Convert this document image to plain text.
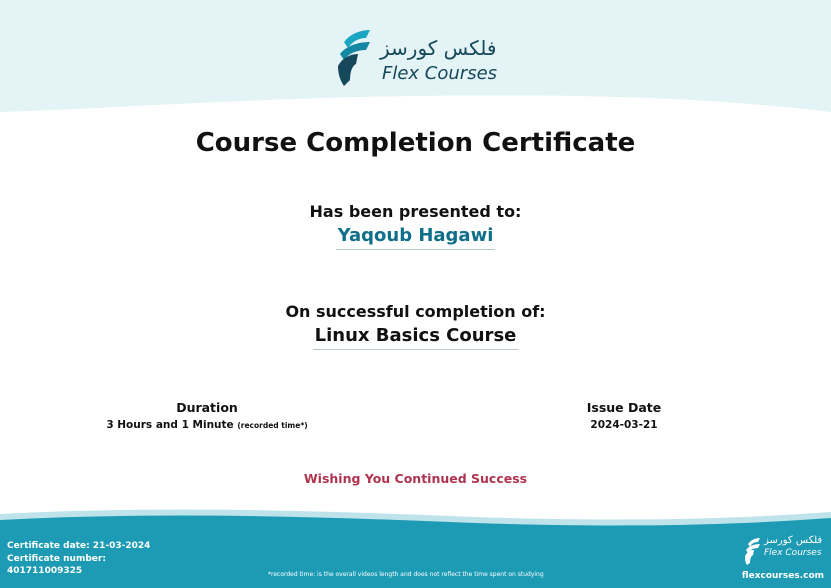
فلكس كورسز
Flex Courses
Course Completion Certificate
Has been presented to:
Yaqoub Hagawi
On successful completion of:
Linux Basics Course
Duration
3 Hours and 1 Minute (recorded time*)
Issue Date
2024-03-21
Wishing You Continued Success
Certificate date: 21-03-2024
Certificate number:
401711009325	*recorded time: is the overall videos length and does not reflect the time spent on studying
فلكس كورسز
Flex Courses
flexcourses.com
